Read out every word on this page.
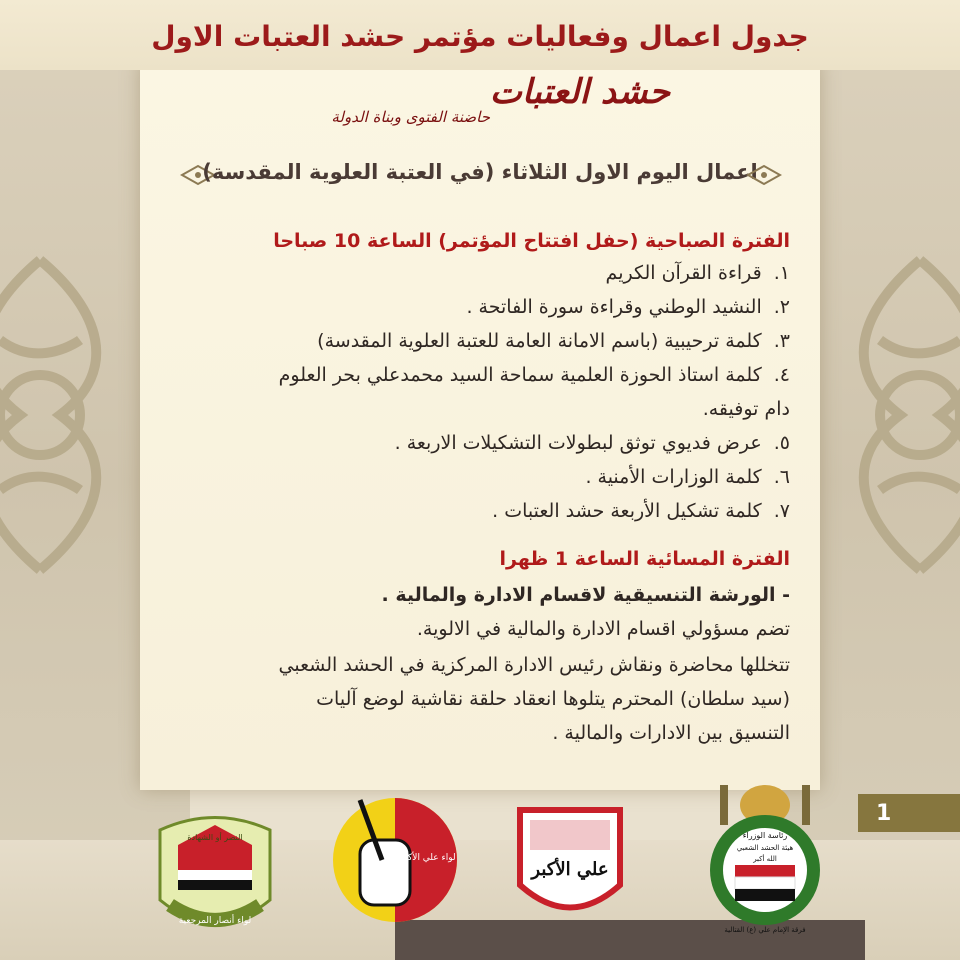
جدول اعمال وفعاليات مؤتمر حشد العتبات الاول
حشد العتبات
حاضنة الفتوى وبناة الدولة
اعمال اليوم الاول الثلاثاء (في العتبة العلوية المقدسة)
الفترة الصباحية (حفل افتتاح المؤتمر) الساعة 10 صباحا
١.قراءة القرآن الكريم
٢.النشيد الوطني وقراءة سورة الفاتحة .
٣.كلمة ترحيبية (باسم الامانة العامة للعتبة العلوية المقدسة)
٤.كلمة استاذ الحوزة العلمية سماحة السيد محمدعلي بحر العلوم
دام توفيقه.
٥.عرض فديوي توثق لبطولات التشكيلات الاربعة .
٦.كلمة الوزارات الأمنية .
٧.كلمة تشكيل الأربعة حشد العتبات .
الفترة المسائية الساعة 1 ظهرا
- الورشة التنسيقية لاقسام الادارة والمالية .
تضم مسؤولي اقسام الادارة والمالية في الالوية.
تتخللها محاضرة ونقاش رئيس الادارة المركزية في الحشد الشعبي
(سيد سلطان) المحترم يتلوها انعقاد حلقة نقاشية لوضع آليات
التنسيق بين الادارات والمالية .
1
النصر أو الشهادة
لواء أنصار المرجعية
لواء علي الأكبر
علي الأكبر
رئاسة الوزراء
هيئة الحشد الشعبي
الله أكبر
فرقة الإمام علي (ع) القتالية
